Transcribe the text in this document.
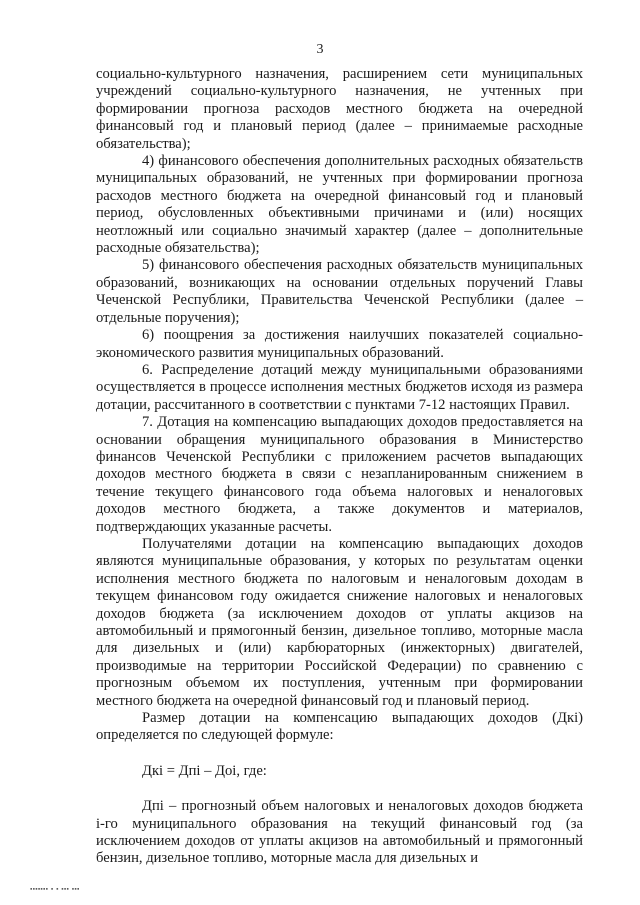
3

социально-культурного назначения, расширением сети муниципальных учреждений социально-культурного назначения, не учтенных при формировании прогноза расходов местного бюджета на очередной финансовый год и плановый период (далее – принимаемые расходные обязательства);

4) финансового обеспечения дополнительных расходных обязательств муниципальных образований, не учтенных при формировании прогноза расходов местного бюджета на очередной финансовый год и плановый период, обусловленных объективными причинами и (или) носящих неотложный или социально значимый характер (далее – дополнительные расходные обязательства);

5) финансового обеспечения расходных обязательств муниципальных образований, возникающих на основании отдельных поручений Главы Чеченской Республики, Правительства Чеченской Республики (далее – отдельные поручения);

6) поощрения за достижения наилучших показателей социально-экономического развития муниципальных образований.

6. Распределение дотаций между муниципальными образованиями осуществляется в процессе исполнения местных бюджетов исходя из размера дотации, рассчитанного в соответствии с пунктами 7-12 настоящих Правил.

7. Дотация на компенсацию выпадающих доходов предоставляется на основании обращения муниципального образования в Министерство финансов Чеченской Республики с приложением расчетов выпадающих доходов местного бюджета в связи с незапланированным снижением в течение текущего финансового года объема налоговых и неналоговых доходов местного бюджета, а также документов и материалов, подтверждающих указанные расчеты.

Получателями дотации на компенсацию выпадающих доходов являются муниципальные образования, у которых по результатам оценки исполнения местного бюджета по налоговым и неналоговым доходам в текущем финансовом году ожидается снижение налоговых и неналоговых доходов бюджета (за исключением доходов от уплаты акцизов на автомобильный и прямогонный бензин, дизельное топливо, моторные масла для дизельных и (или) карбюраторных (инжекторных) двигателей, производимые на территории Российской Федерации) по сравнению с прогнозным объемом их поступления, учтенным при формировании местного бюджета на очередной финансовый год и плановый период.

Размер дотации на компенсацию выпадающих доходов (Дкi) определяется по следующей формуле:

Дкi = Дпi – Доi, где:

Дпi – прогнозный объем налоговых и неналоговых доходов бюджета i-го муниципального образования на текущий финансовый год (за исключением доходов от уплаты акцизов на автомобильный и прямогонный бензин, дизельное топливо, моторные масла для дизельных и

▪▪▪▪▪▪▪ ▪ ▪ ▪▪▪ ▪▪▪
